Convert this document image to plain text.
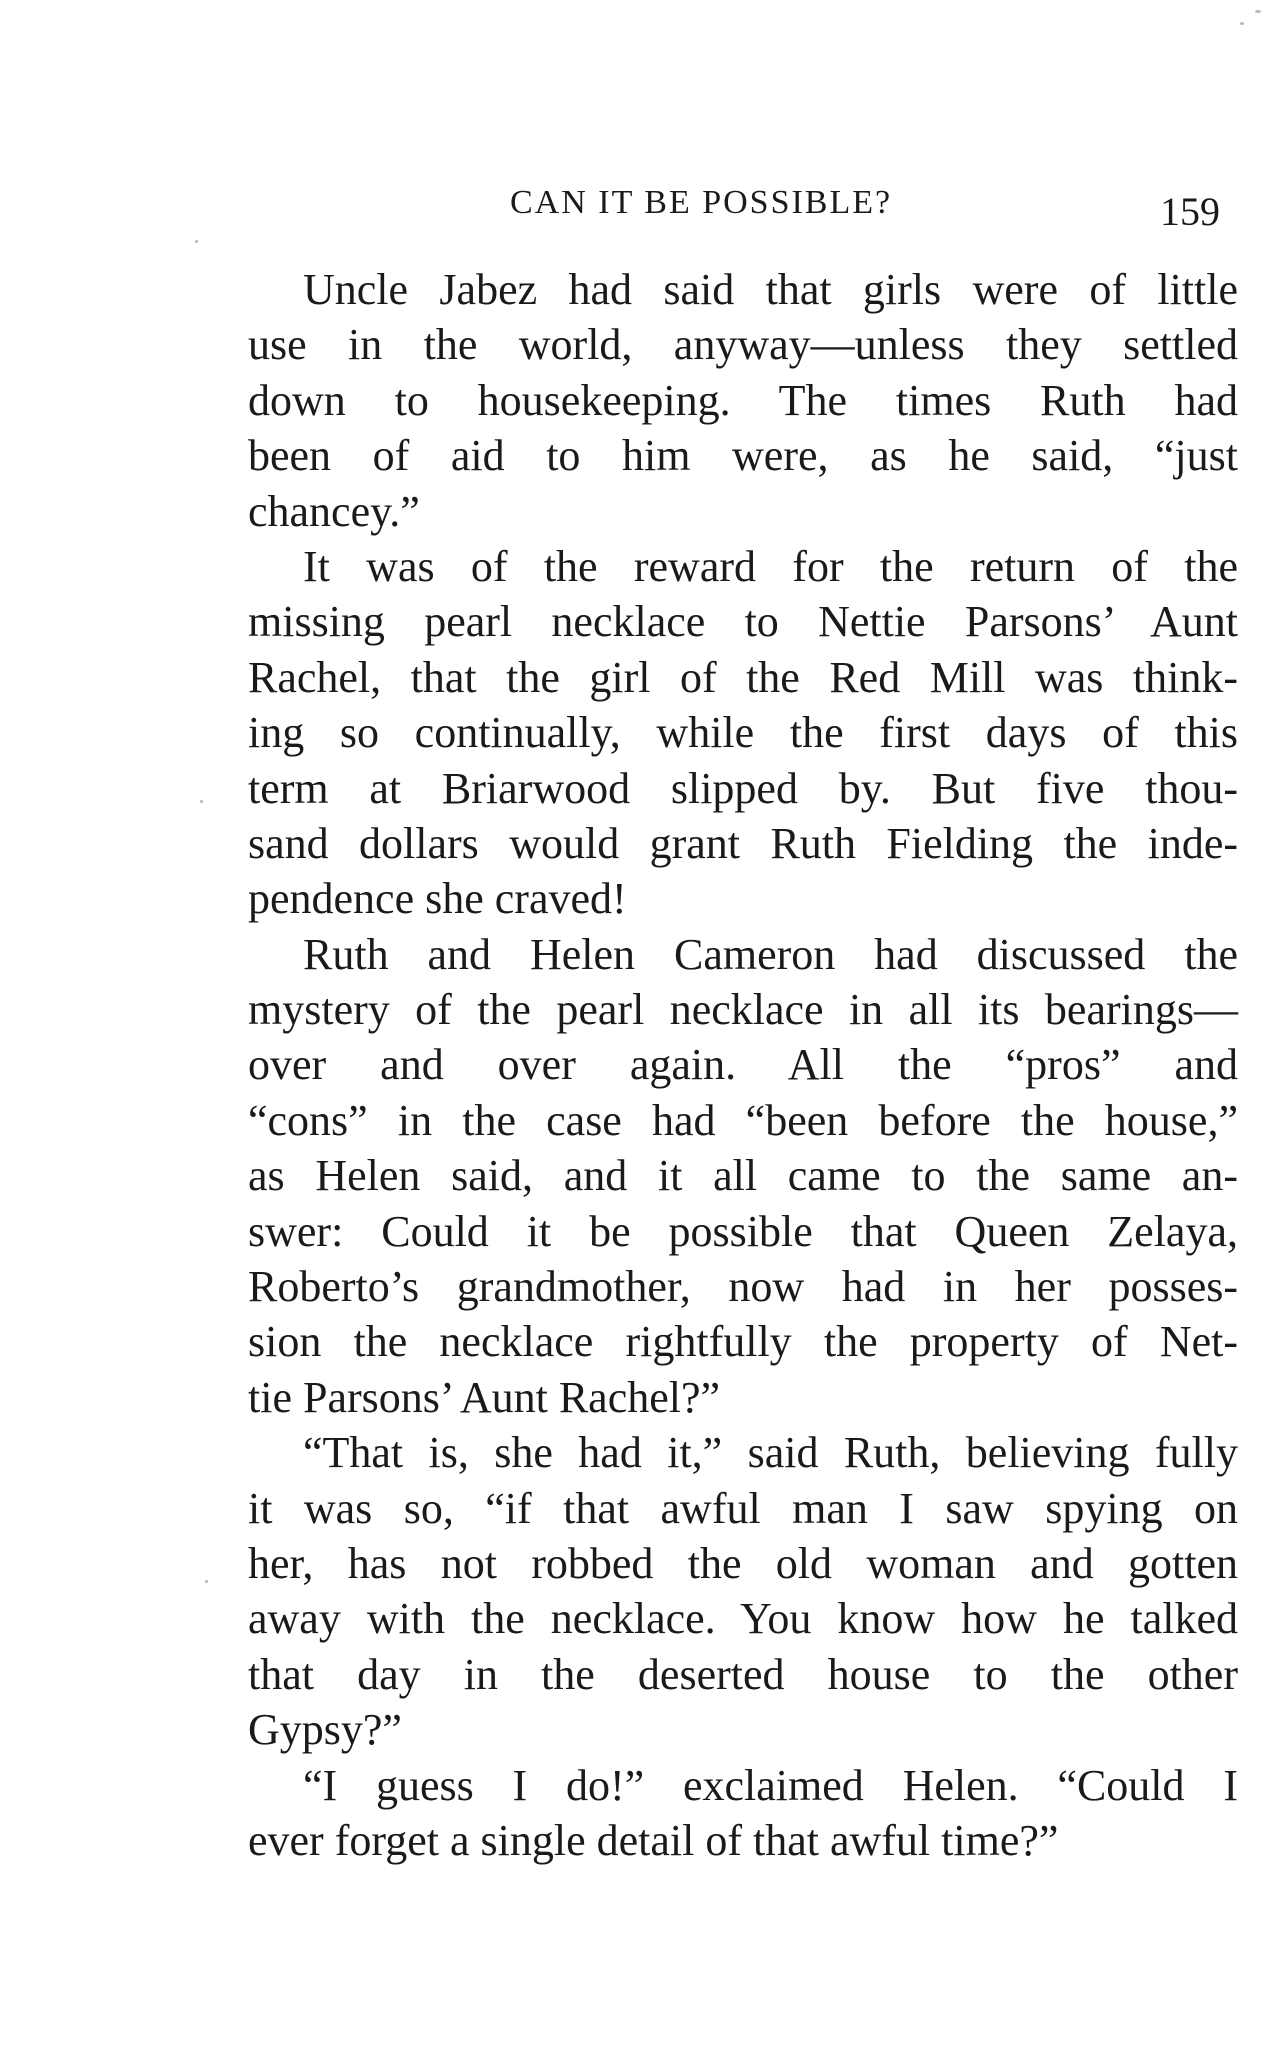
CAN IT BE POSSIBLE?	159
Uncle Jabez had said that girls were of little
use in the world, anyway—unless they settled
down to housekeeping. The times Ruth had
been of aid to him were, as he said, “just
chancey.”
It was of the reward for the return of the
missing pearl necklace to Nettie Parsons’ Aunt
Rachel, that the girl of the Red Mill was think-
ing so continually, while the first days of this
term at Briarwood slipped by. But five thou-
sand dollars would grant Ruth Fielding the inde-
pendence she craved!
Ruth and Helen Cameron had discussed the
mystery of the pearl necklace in all its bearings—
over and over again. All the “pros” and
“cons” in the case had “been before the house,”
as Helen said, and it all came to the same an-
swer: Could it be possible that Queen Zelaya,
Roberto’s grandmother, now had in her posses-
sion the necklace rightfully the property of Net-
tie Parsons’ Aunt Rachel?”
“That is, she had it,” said Ruth, believing fully
it was so, “if that awful man I saw spying on
her, has not robbed the old woman and gotten
away with the necklace. You know how he talked
that day in the deserted house to the other
Gypsy?”
“I guess I do!” exclaimed Helen. “Could I
ever forget a single detail of that awful time?”
